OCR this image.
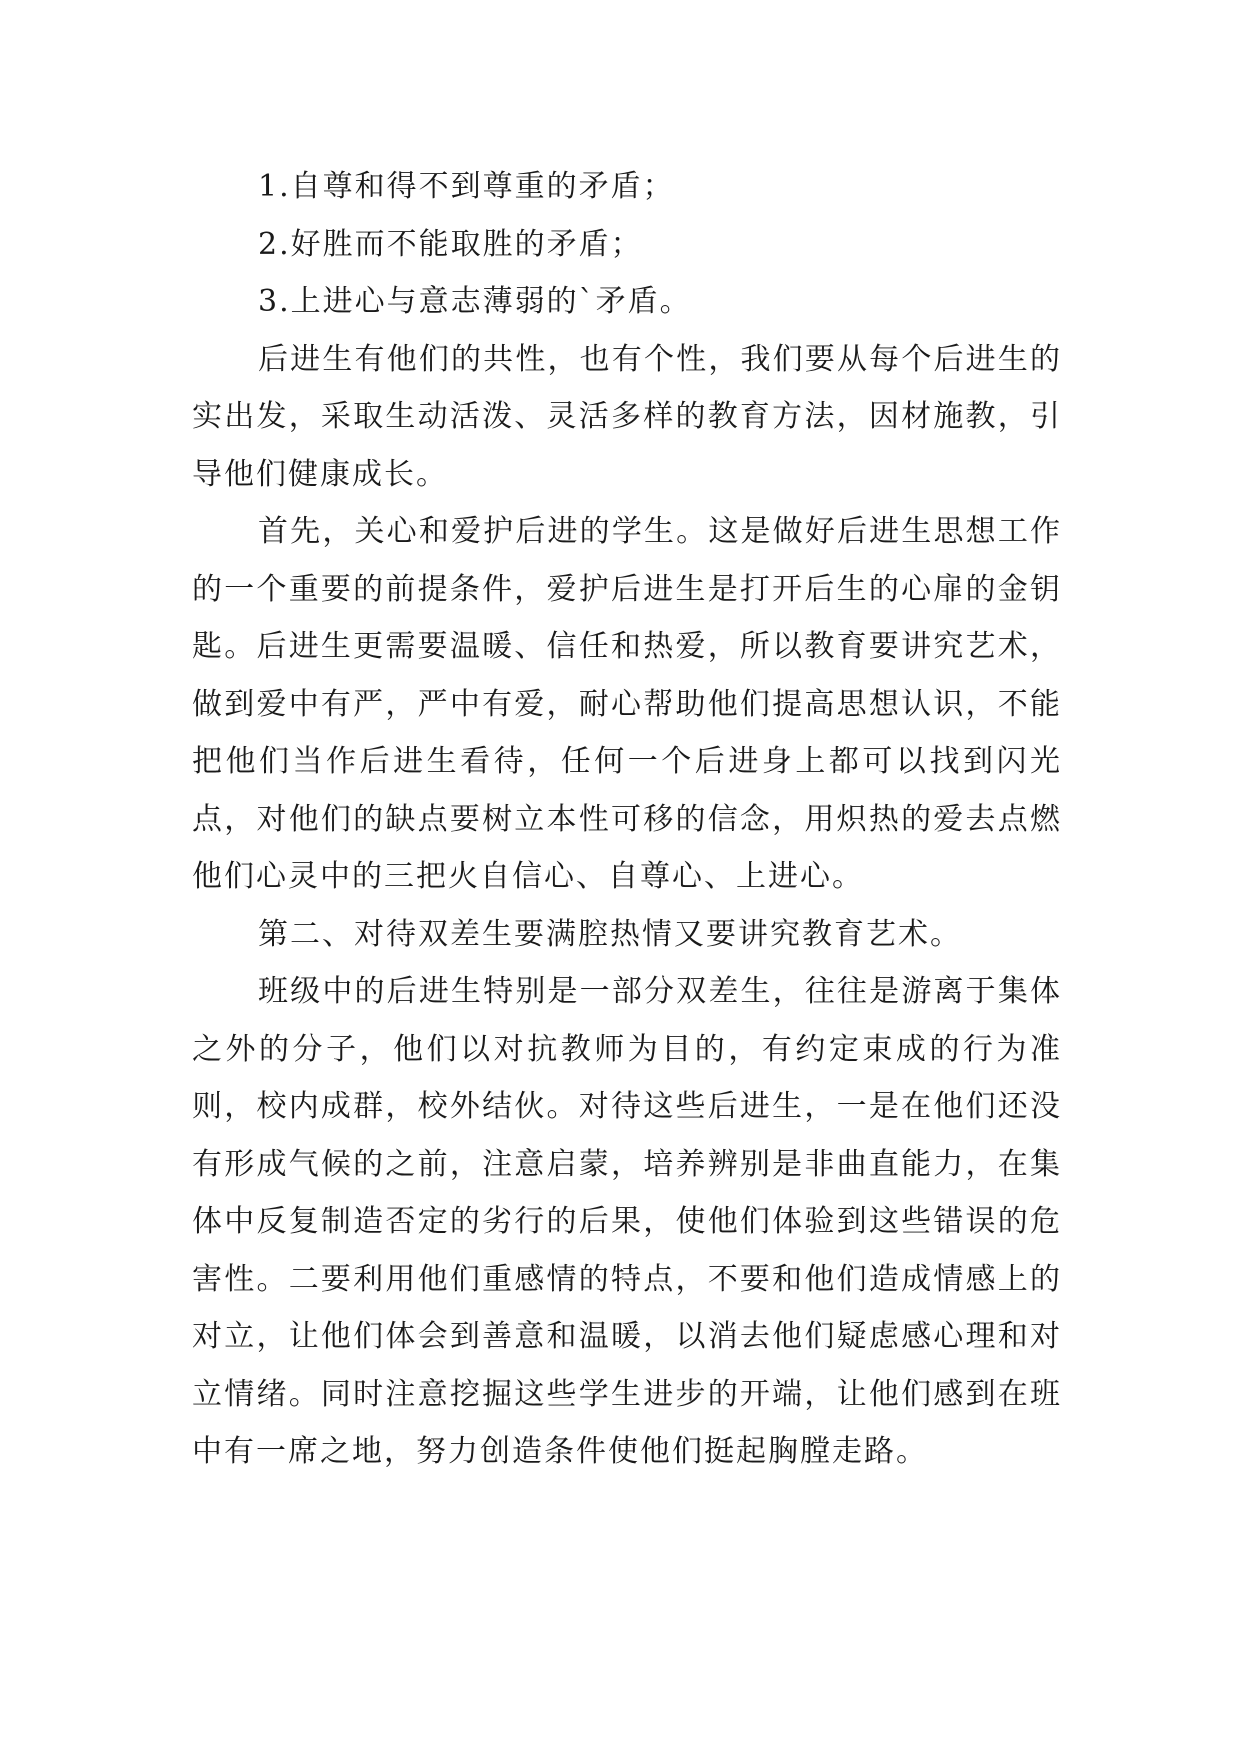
1.自尊和得不到尊重的矛盾；

2.好胜而不能取胜的矛盾；

3.上进心与意志薄弱的`矛盾。

后进生有他们的共性，也有个性，我们要从每个后进生的实出发，采取生动活泼、灵活多样的教育方法，因材施教，引导他们健康成长。

首先，关心和爱护后进的学生。这是做好后进生思想工作的一个重要的前提条件，爱护后进生是打开后生的心扉的金钥匙。后进生更需要温暖、信任和热爱，所以教育要讲究艺术，做到爱中有严，严中有爱，耐心帮助他们提高思想认识，不能把他们当作后进生看待，任何一个后进身上都可以找到闪光点，对他们的缺点要树立本性可移的信念，用炽热的爱去点燃他们心灵中的三把火自信心、自尊心、上进心。

第二、对待双差生要满腔热情又要讲究教育艺术。

班级中的后进生特别是一部分双差生，往往是游离于集体之外的分子，他们以对抗教师为目的，有约定束成的行为准则，校内成群，校外结伙。对待这些后进生，一是在他们还没有形成气候的之前，注意启蒙，培养辨别是非曲直能力，在集体中反复制造否定的劣行的后果，使他们体验到这些错误的危害性。二要利用他们重感情的特点，不要和他们造成情感上的对立，让他们体会到善意和温暖，以消去他们疑虑感心理和对立情绪。同时注意挖掘这些学生进步的开端，让他们感到在班中有一席之地，努力创造条件使他们挺起胸膛走路。
